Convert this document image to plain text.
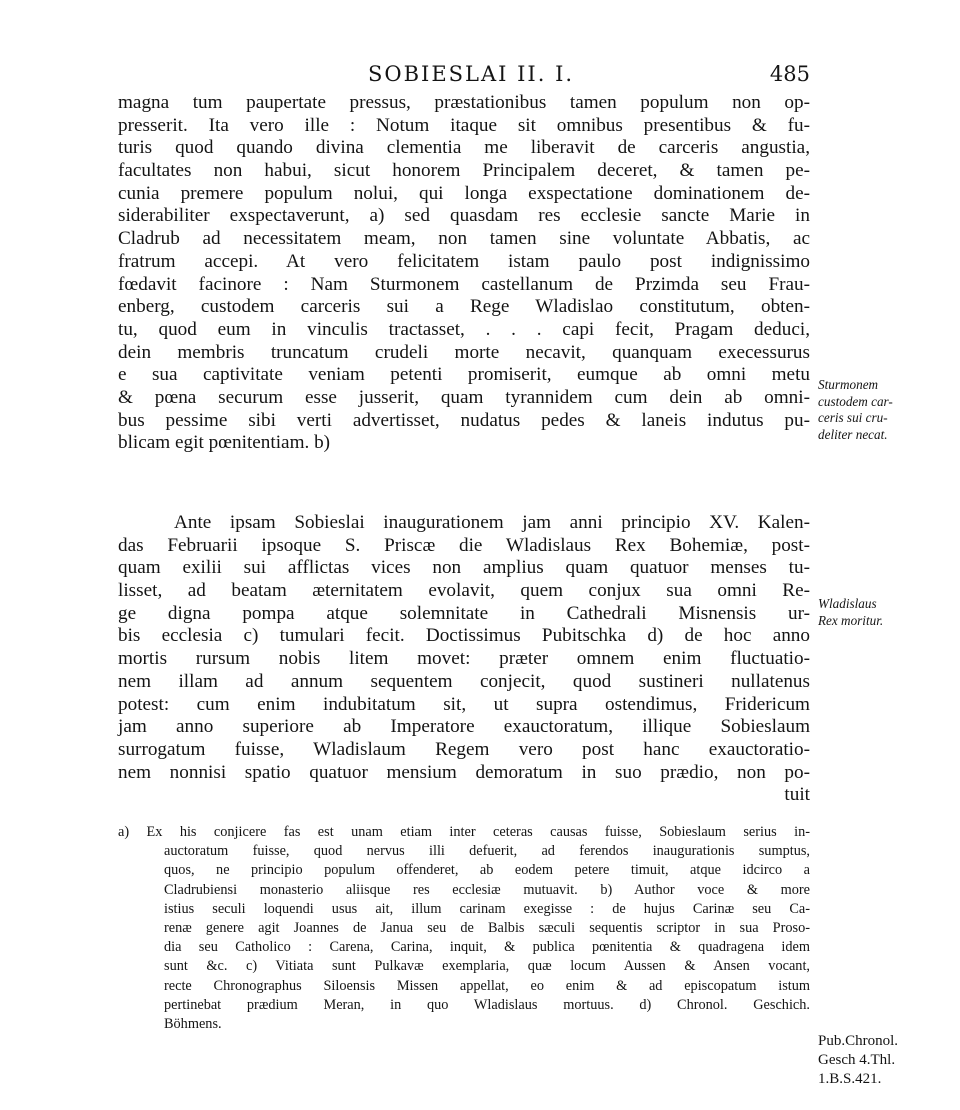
SOBIESLAI II. I.	485
magna tum paupertate pressus, præstationibus tamen populum non op-
presserit. Ita vero ille : Notum itaque sit omnibus presentibus & fu-
turis quod quando divina clementia me liberavit de carceris angustia,
facultates non habui, sicut honorem Principalem deceret, & tamen pe-
cunia premere populum nolui, qui longa exspectatione dominationem de-
siderabiliter exspectaverunt, a) sed quasdam res ecclesie sancte Marie in
Cladrub ad necessitatem meam, non tamen sine voluntate Abbatis, ac
fratrum accepi. At vero felicitatem istam paulo post indignissimo
fœdavit facinore : Nam Sturmonem castellanum de Przimda seu Frau-
enberg, custodem carceris sui a Rege Wladislao constitutum, obten-
tu, quod eum in vinculis tractasset, . . . capi fecit, Pragam deduci,
dein membris truncatum crudeli morte necavit, quanquam execessurus
e sua captivitate veniam petenti promiserit, eumque ab omni metu
& pœna securum esse jusserit, quam tyrannidem cum dein ab omni-
bus pessime sibi verti advertisset, nudatus pedes & laneis indutus pu-
blicam egit pœnitentiam. b)
Ante ipsam Sobieslai inaugurationem jam anni principio XV. Kalen-
das Februarii ipsoque S. Priscæ die Wladislaus Rex Bohemiæ, post-
quam exilii sui afflictas vices non amplius quam quatuor menses tu-
lisset, ad beatam æternitatem evolavit, quem conjux sua omni Re-
ge digna pompa atque solemnitate in Cathedrali Misnensis ur-
bis ecclesia c) tumulari fecit. Doctissimus Pubitschka d) de hoc anno
mortis rursum nobis litem movet: præter omnem enim fluctuatio-
nem illam ad annum sequentem conjecit, quod sustineri nullatenus
potest: cum enim indubitatum sit, ut supra ostendimus, Fridericum
jam anno superiore ab Imperatore exauctoratum, illique Sobieslaum
surrogatum fuisse, Wladislaum Regem vero post hanc exauctoratio-
nem nonnisi spatio quatuor mensium demoratum in suo prædio, non po-
tuit
a) Ex his conjicere fas est unam etiam inter ceteras causas fuisse, Sobieslaum serius in-
auctoratum fuisse, quod nervus illi defuerit, ad ferendos inaugurationis sumptus,
quos, ne principio populum offenderet, ab eodem petere timuit, atque idcirco a
Cladrubiensi monasterio aliisque res ecclesiæ mutuavit. b) Author voce & more
istius seculi loquendi usus ait, illum carinam exegisse : de hujus Carinæ seu Ca-
renæ genere agit Joannes de Janua seu de Balbis sæculi sequentis scriptor in sua Proso-
dia seu Catholico : Carena, Carina, inquit, & publica pœnitentia & quadragena idem
sunt &c. c) Vitiata sunt Pulkavæ exemplaria, quæ locum Aussen & Ansen vocant,
recte Chronographus Siloensis Missen appellat, eo enim & ad episcopatum istum
pertinebat prædium Meran, in quo Wladislaus mortuus. d) Chronol. Geschich.
Böhmens.
Sturmonem
custodem car-
ceris sui cru-
deliter necat.
Wladislaus
Rex moritur.
Pub.Chronol.
Gesch 4.Thl.
1.B.S.421.
